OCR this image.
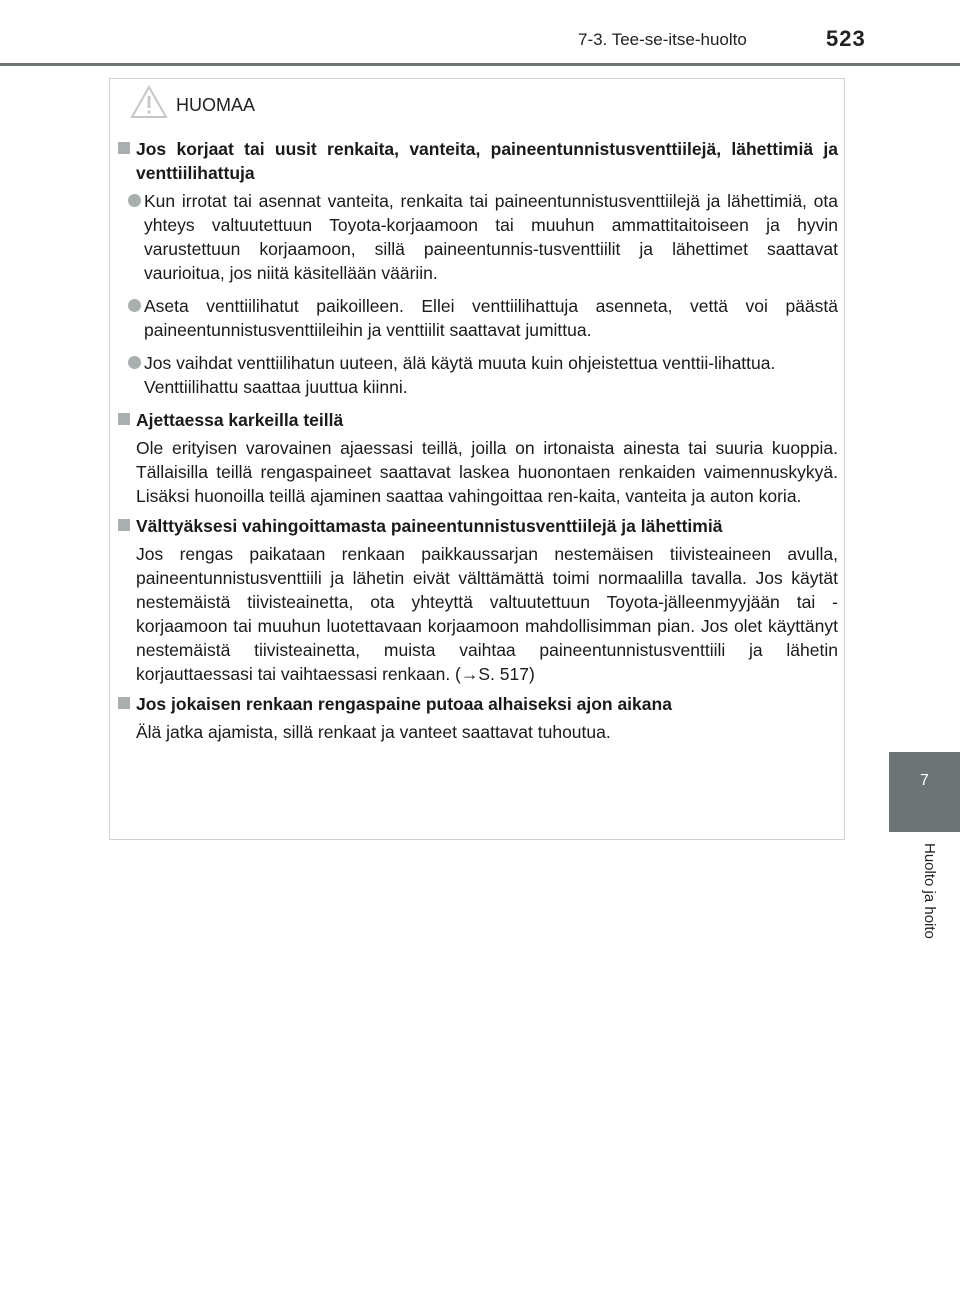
7-3. Tee-se-itse-huolto	523
7
Huolto ja hoito
HUOMAA
Jos korjaat tai uusit renkaita, vanteita, paineentunnistusventtiilejä, lähettimiä ja venttiilihattuja
Kun irrotat tai asennat vanteita, renkaita tai paineentunnistusventtiilejä ja lähettimiä, ota yhteys valtuutettuun Toyota-korjaamoon tai muuhun ammattitaitoiseen ja hyvin varustettuun korjaamoon, sillä paineentunnis-tusventtiilit ja lähettimet saattavat vaurioitua, jos niitä käsitellään vääriin.
Aseta venttiilihatut paikoilleen. Ellei venttiilihattuja asenneta, vettä voi päästä paineentunnistusventtiileihin ja venttiilit saattavat jumittua.
Jos vaihdat venttiilihatun uuteen, älä käytä muuta kuin ohjeistettua venttii-lihattua.
Venttiilihattu saattaa juuttua kiinni.
Ajettaessa karkeilla teillä
Ole erityisen varovainen ajaessasi teillä, joilla on irtonaista ainesta tai suuria kuoppia. Tällaisilla teillä rengaspaineet saattavat laskea huonontaen renkaiden vaimennuskykyä. Lisäksi huonoilla teillä ajaminen saattaa vahingoittaa ren-kaita, vanteita ja auton koria.
Välttyäksesi vahingoittamasta paineentunnistusventtiilejä ja lähettimiä
Jos rengas paikataan renkaan paikkaussarjan nestemäisen tiivisteaineen avulla, paineentunnistusventtiili ja lähetin eivät välttämättä toimi normaalilla tavalla. Jos käytät nestemäistä tiivisteainetta, ota yhteyttä valtuutettuun Toyota-jälleenmyyjään tai -korjaamoon tai muuhun luotettavaan korjaamoon mahdollisimman pian. Jos olet käyttänyt nestemäistä tiivisteainetta, muista vaihtaa paineentunnistusventtiili ja lähetin korjauttaessasi tai vaihtaessasi renkaan. (→S. 517)
Jos jokaisen renkaan rengaspaine putoaa alhaiseksi ajon aikana
Älä jatka ajamista, sillä renkaat ja vanteet saattavat tuhoutua.
